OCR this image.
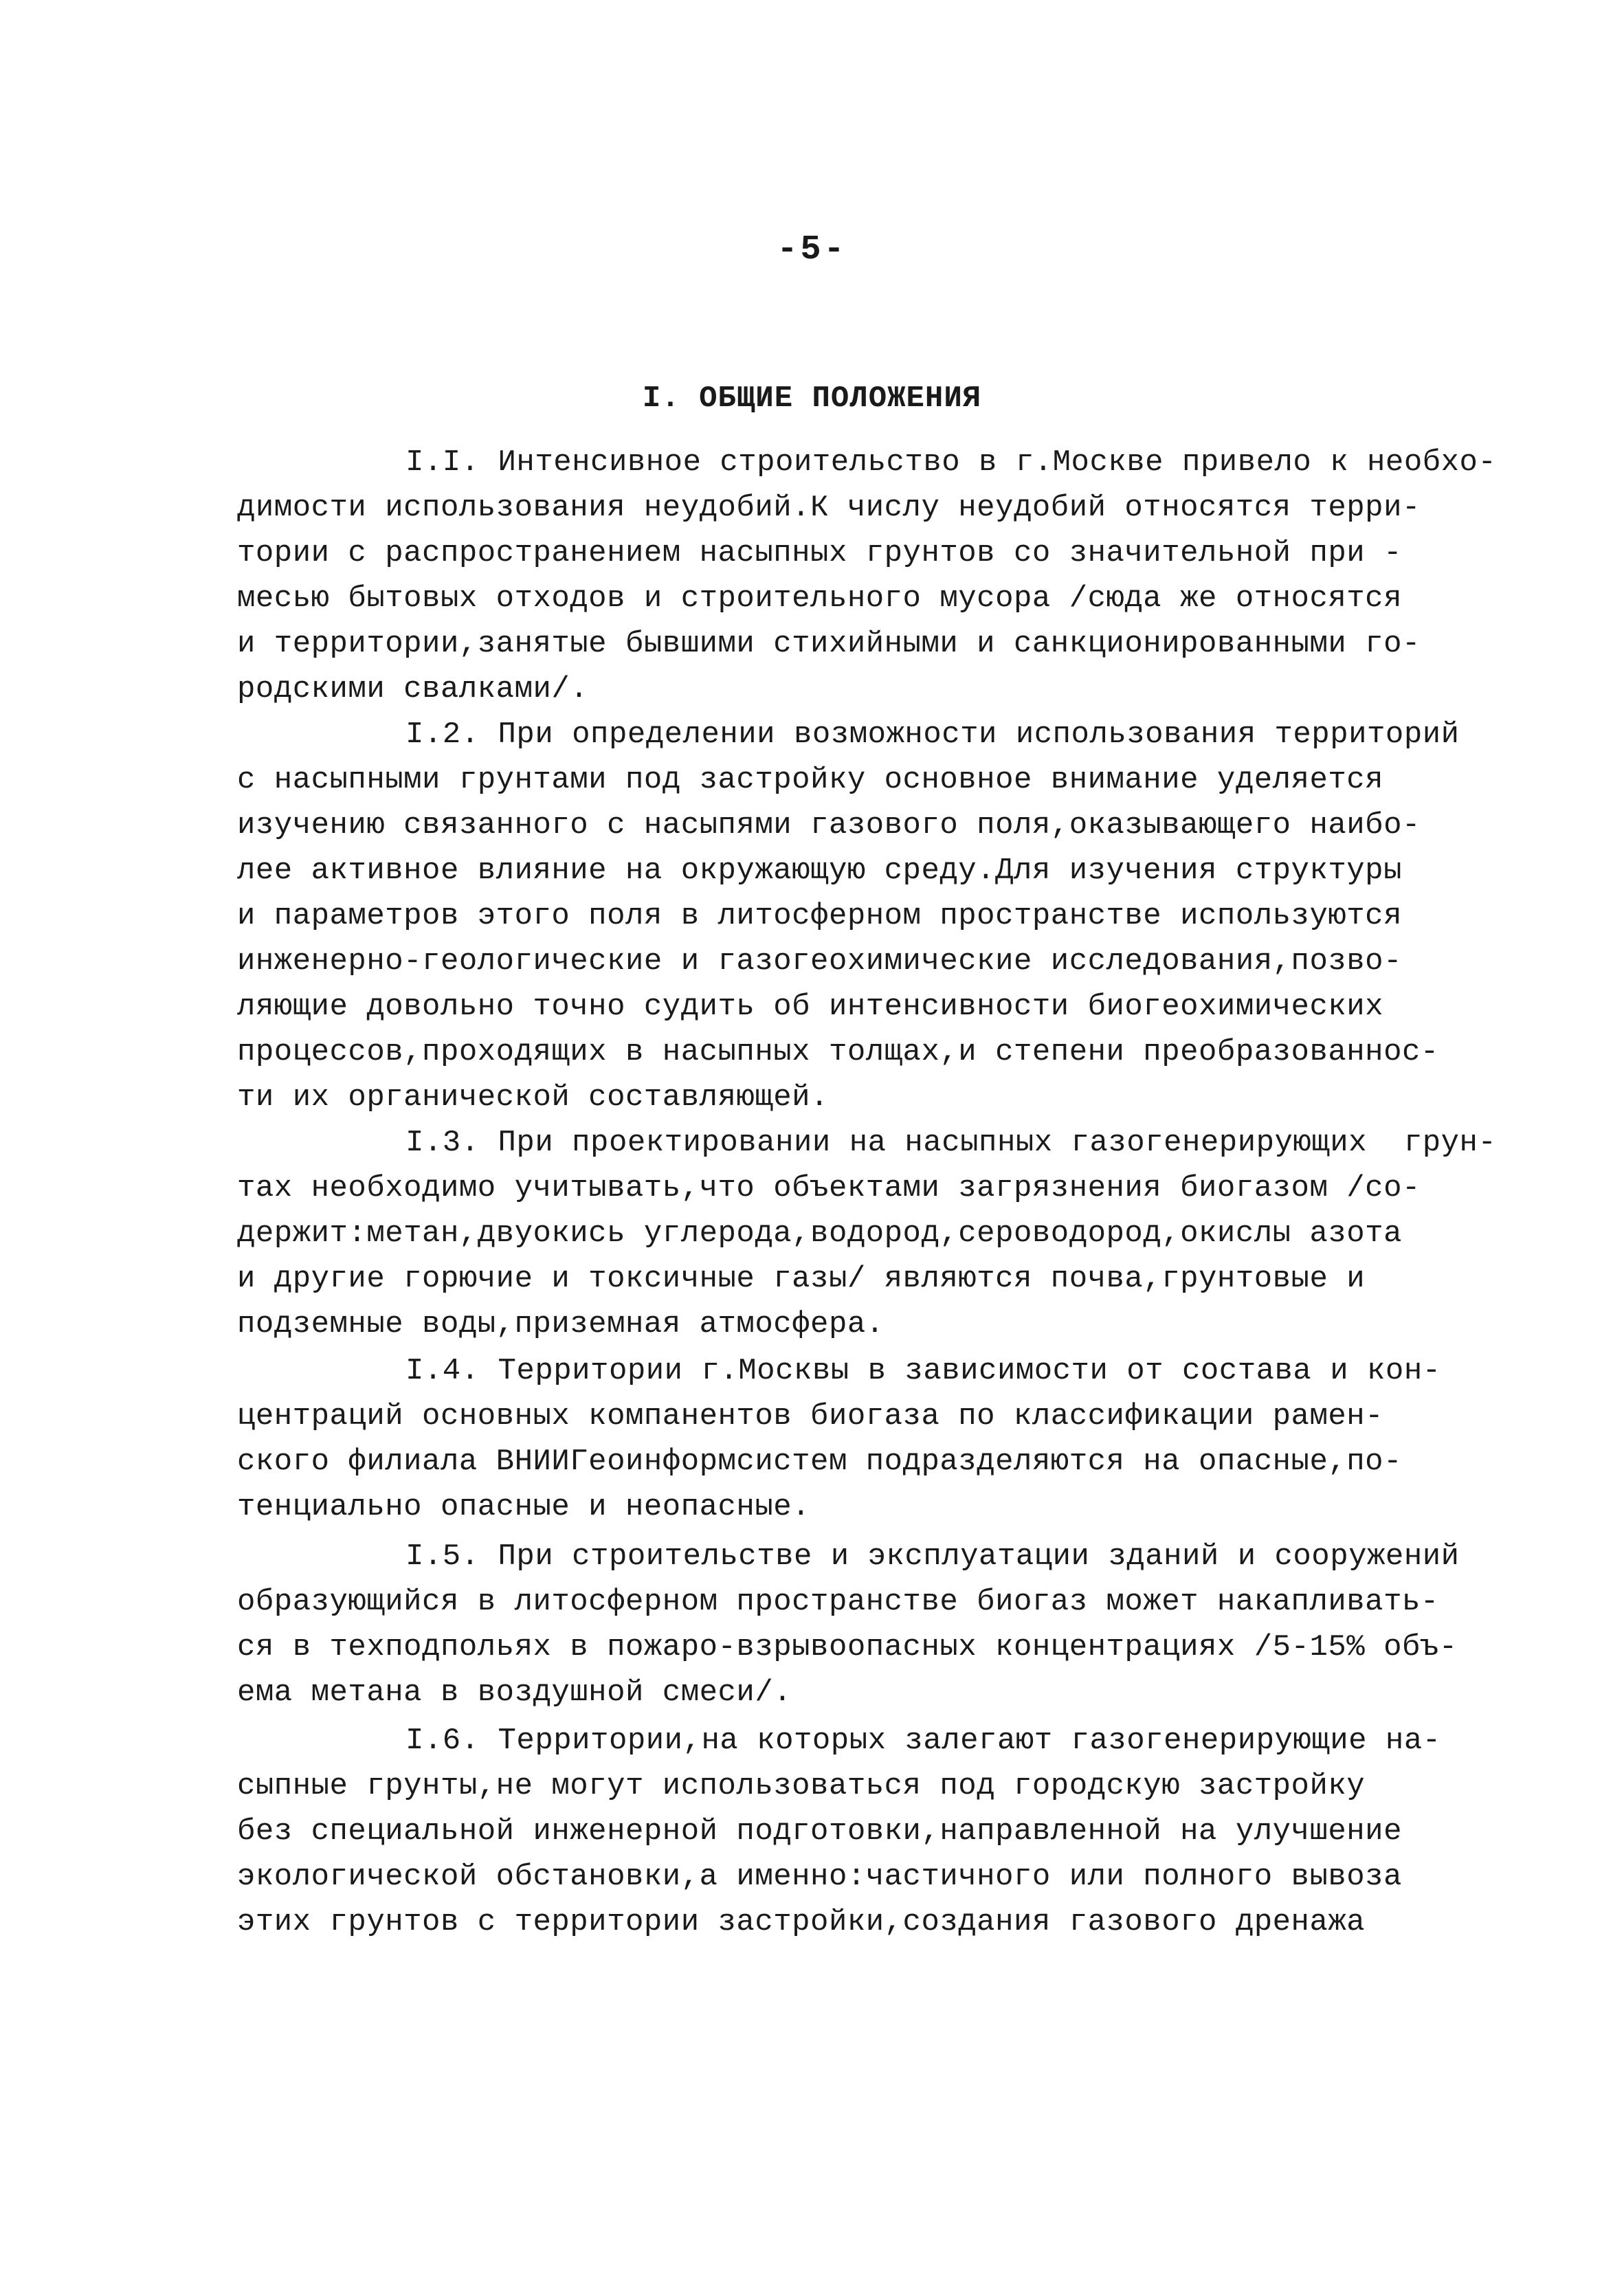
-5-
I. ОБЩИЕ ПОЛОЖЕНИЯ
I.I. Интенсивное строительство в г.Москве привело к необхо-
димости использования неудобий.К числу неудобий относятся терри-
тории с распространением насыпных грунтов со значительной при -
месью бытовых отходов и строительного мусора /сюда же относятся
и территории,занятые бывшими стихийными и санкционированными го-
родскими свалками/.
I.2. При определении возможности использования территорий
с насыпными грунтами под застройку основное внимание уделяется
изучению связанного с насыпями газового поля,оказывающего наибо-
лее активное влияние на окружающую среду.Для изучения структуры
и параметров этого поля в литосферном пространстве используются
инженерно-геологические и газогеохимические исследования,позво-
ляющие довольно точно судить об интенсивности биогеохимических
процессов,проходящих в насыпных толщах,и степени преобразованнос-
ти их органической составляющей.
I.3. При проектировании на насыпных газогенерирующих  грун-
тах необходимо учитывать,что объектами загрязнения биогазом /со-
держит:метан,двуокись углерода,водород,сероводород,окислы азота
и другие горючие и токсичные газы/ являются почва,грунтовые и
подземные воды,приземная атмосфера.
I.4. Территории г.Москвы в зависимости от состава и кон-
центраций основных компанентов биогаза по классификации рамен-
ского филиала ВНИИГеоинформсистем подразделяются на опасные,по-
тенциально опасные и неопасные.
I.5. При строительстве и эксплуатации зданий и сооружений
образующийся в литосферном пространстве биогаз может накапливать-
ся в техподпольях в пожаро-взрывоопасных концентрациях /5-15% объ-
ема метана в воздушной смеси/.
I.6. Территории,на которых залегают газогенерирующие на-
сыпные грунты,не могут использоваться под городскую застройку
без специальной инженерной подготовки,направленной на улучшение
экологической обстановки,а именно:частичного или полного вывоза
этих грунтов с территории застройки,создания газового дренажа
